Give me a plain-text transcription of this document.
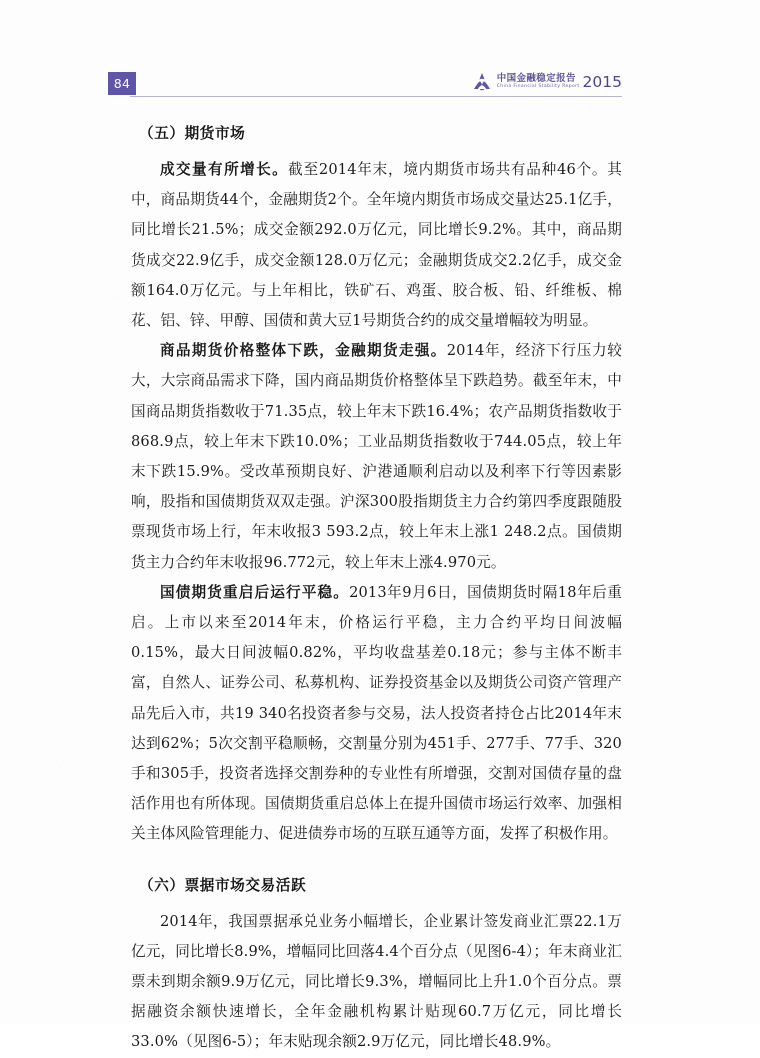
84	中国金融稳定报告
China Financial Stability Report 2015
（五）期货市场

成交量有所增长。截至2014年末，境内期货市场共有品种46个。其中，商品期货44个，金融期货2个。全年境内期货市场成交量达25.1亿手，同比增长21.5%；成交金额292.0万亿元，同比增长9.2%。其中，商品期货成交22.9亿手，成交金额128.0万亿元；金融期货成交2.2亿手，成交金额164.0万亿元。与上年相比，铁矿石、鸡蛋、胶合板、铅、纤维板、棉花、铝、锌、甲醇、国债和黄大豆1号期货合约的成交量增幅较为明显。

商品期货价格整体下跌，金融期货走强。2014年，经济下行压力较大，大宗商品需求下降，国内商品期货价格整体呈下跌趋势。截至年末，中国商品期货指数收于71.35点，较上年末下跌16.4%；农产品期货指数收于868.9点，较上年末下跌10.0%；工业品期货指数收于744.05点，较上年末下跌15.9%。受改革预期良好、沪港通顺利启动以及利率下行等因素影响，股指和国债期货双双走强。沪深300股指期货主力合约第四季度跟随股票现货市场上行，年末收报3 593.2点，较上年末上涨1 248.2点。国债期货主力合约年末收报96.772元，较上年末上涨4.970元。

国债期货重启后运行平稳。2013年9月6日，国债期货时隔18年后重启。上市以来至2014年末，价格运行平稳，主力合约平均日间波幅0.15%，最大日间波幅0.82%，平均收盘基差0.18元；参与主体不断丰富，自然人、证券公司、私募机构、证券投资基金以及期货公司资产管理产品先后入市，共19 340名投资者参与交易，法人投资者持仓占比2014年末达到62%；5次交割平稳顺畅，交割量分别为451手、277手、77手、320手和305手，投资者选择交割券种的专业性有所增强，交割对国债存量的盘活作用也有所体现。国债期货重启总体上在提升国债市场运行效率、加强相关主体风险管理能力、促进债券市场的互联互通等方面，发挥了积极作用。

（六）票据市场交易活跃

2014年，我国票据承兑业务小幅增长，企业累计签发商业汇票22.1万亿元，同比增长8.9%，增幅同比回落4.4个百分点（见图6-4）；年末商业汇票未到期余额9.9万亿元，同比增长9.3%，增幅同比上升1.0个百分点。票据融资余额快速增长，全年金融机构累计贴现60.7万亿元，同比增长33.0%（见图6-5）；年末贴现余额2.9万亿元，同比增长48.9%。
